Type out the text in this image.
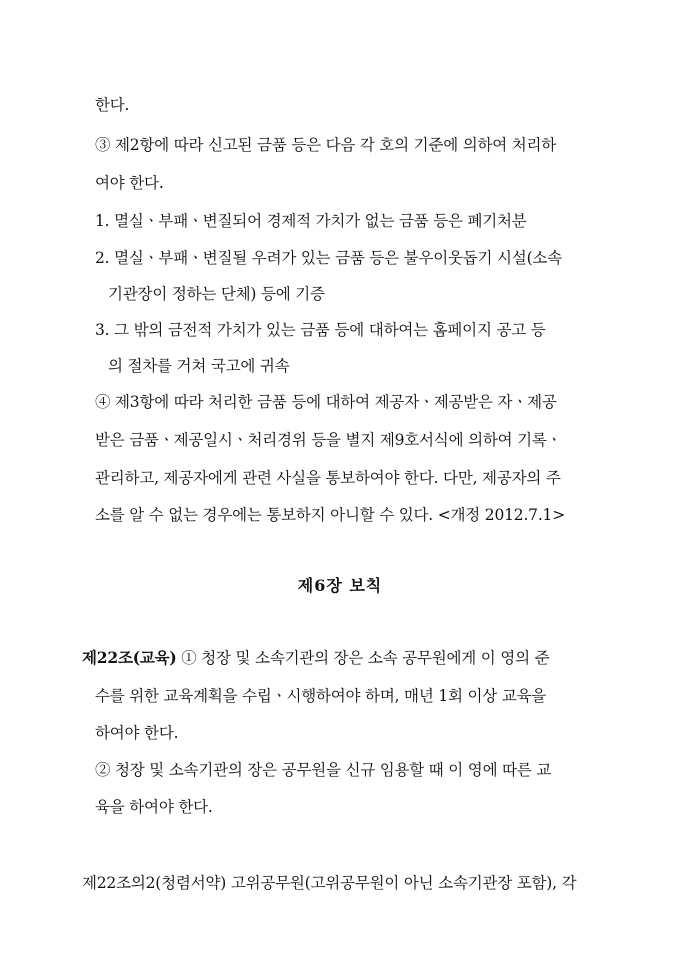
한다.
③ 제2항에 따라 신고된 금품 등은 다음 각 호의 기준에 의하여 처리하
여야 한다.
1. 멸실ㆍ부패ㆍ변질되어 경제적 가치가 없는 금품 등은 폐기처분
2. 멸실ㆍ부패ㆍ변질될 우려가 있는 금품 등은 불우이웃돕기 시설(소속
기관장이 정하는 단체) 등에 기증
3. 그 밖의 금전적 가치가 있는 금품 등에 대하여는 홈페이지 공고 등
의 절차를 거쳐 국고에 귀속
④ 제3항에 따라 처리한 금품 등에 대하여 제공자ㆍ제공받은 자ㆍ제공
받은 금품ㆍ제공일시ㆍ처리경위 등을 별지 제9호서식에 의하여 기록ㆍ
관리하고, 제공자에게 관련 사실을 통보하여야 한다. 다만, 제공자의 주
소를 알 수 없는 경우에는 통보하지 아니할 수 있다. <개정 2012.7.1>
제6장 보칙
제22조(교육) ① 청장 및 소속기관의 장은 소속 공무원에게 이 영의 준
수를 위한 교육계획을 수립ㆍ시행하여야 하며, 매년 1회 이상 교육을
하여야 한다.
② 청장 및 소속기관의 장은 공무원을 신규 임용할 때 이 영에 따른 교
육을 하여야 한다.
제22조의2(청렴서약) 고위공무원(고위공무원이 아닌 소속기관장 포함), 각
